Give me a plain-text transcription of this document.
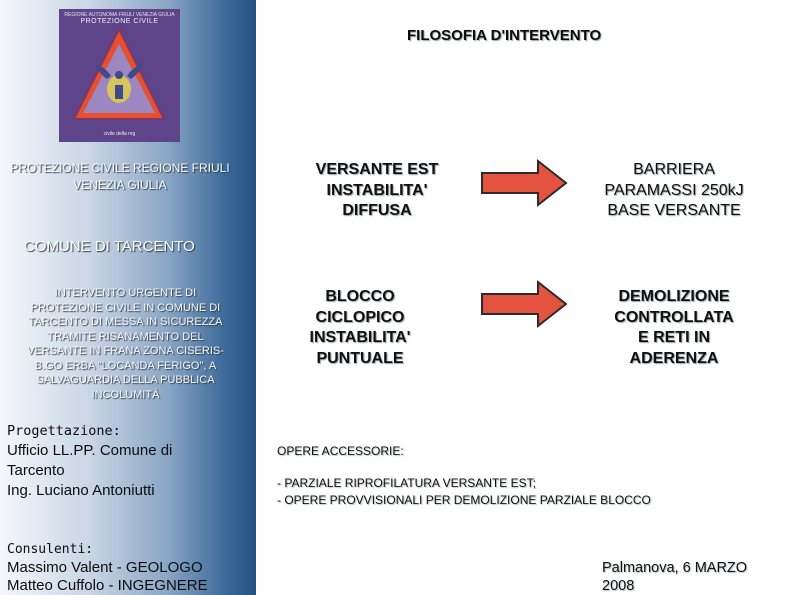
REGIONE AUTONOMA FRIULI VENEZIA GIULIA
PROTEZIONE CIVILE
civile della reg
PROTEZIONE CIVILE REGIONE FRIULI VENEZIA GIULIA
COMUNE DI TARCENTO
INTERVENTO URGENTE DI PROTEZIONE CIVILE IN COMUNE DI TARCENTO DI MESSA IN SICUREZZA TRAMITE RISANAMENTO DEL VERSANTE IN FRANA ZONA CISERIS-B.GO ERBA "LOCANDA FERIGO", A SALVAGUARDIA DELLA PUBBLICA INCOLUMITÀ
Progettazione:
Ufficio LL.PP. Comune di
Tarcento
Ing. Luciano Antoniutti
Consulenti:
Massimo Valent - GEOLOGO
Matteo Cuffolo - INGEGNERE
FILOSOFIA D'INTERVENTO
VERSANTE EST
INSTABILITA'
DIFFUSA
BARRIERA
PARAMASSI 250kJ
BASE VERSANTE
BLOCCO
CICLOPICO
INSTABILITA'
PUNTUALE
DEMOLIZIONE
CONTROLLATA
E RETI IN
ADERENZA
OPERE ACCESSORIE:
- PARZIALE RIPROFILATURA VERSANTE EST;
- OPERE PROVVISIONALI PER DEMOLIZIONE PARZIALE BLOCCO
Palmanova, 6 MARZO
2008
